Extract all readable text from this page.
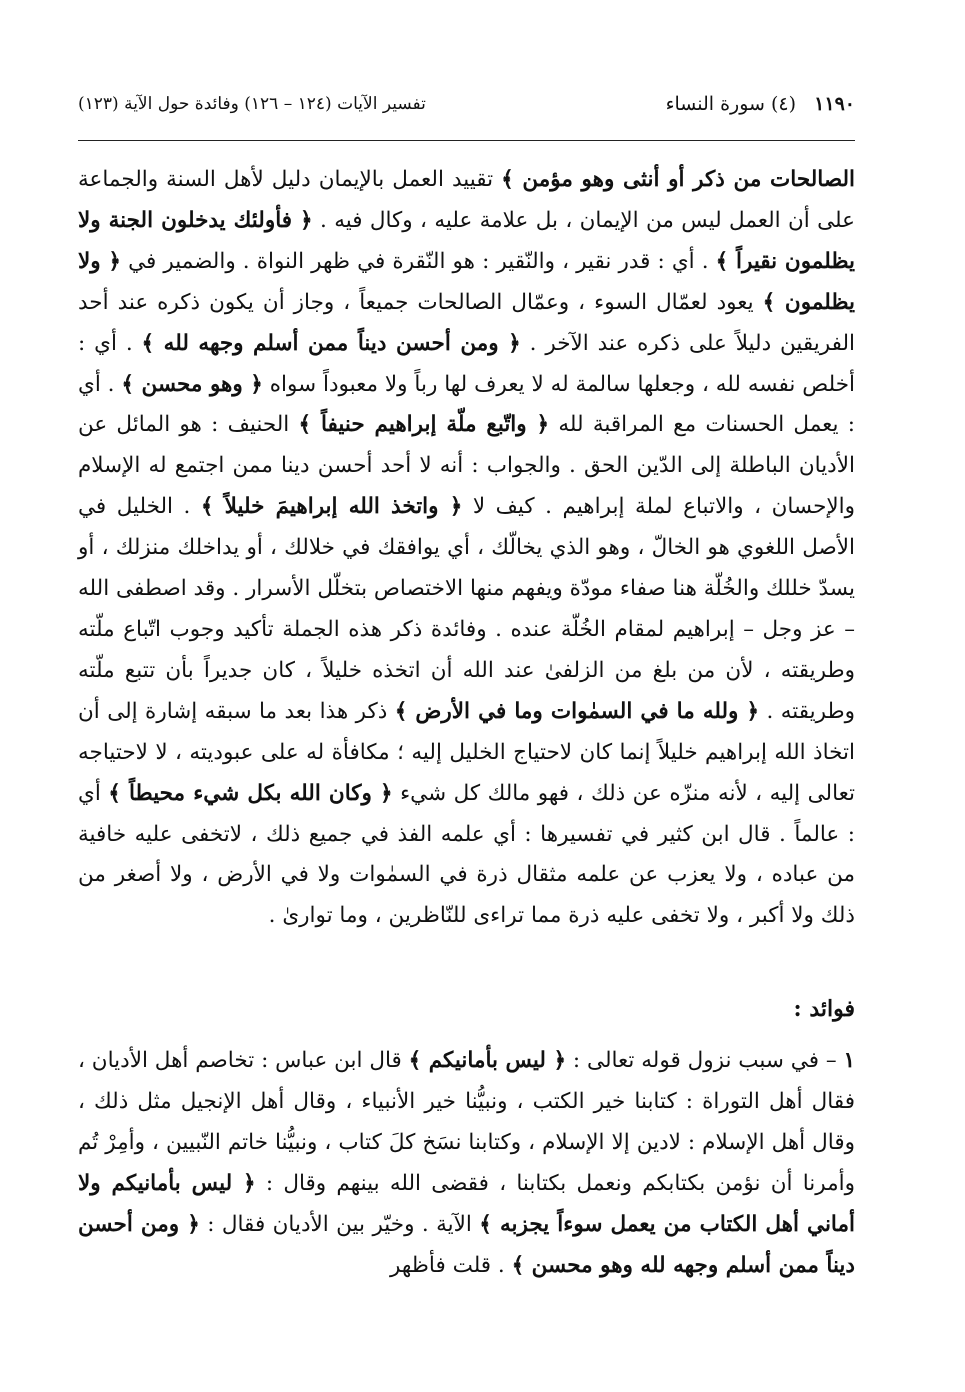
١١٩٠   (٤) سورة النساء
تفسير الآيات (١٢٤ – ١٢٦) وفائدة حول الآية (١٢٣)

الصالحات من ذكر أو أنثى وهو مؤمن ﴾ تقييد العمل بالإيمان دليل لأهل السنة والجماعة على أن العمل ليس من الإيمان ، بل علامة عليه ، وكال فيه . ﴿ فأولئك يدخلون الجنة ولا يظلمون نقيراً ﴾ . أي : قدر نقير ، والنّقير : هو النّقرة في ظهر النواة . والضمير في ﴿ ولا يظلمون ﴾ يعود لعمّال السوء ، وعمّال الصالحات جميعاً ، وجاز أن يكون ذكره عند أحد الفريقين دليلاً على ذكره عند الآخر . ﴿ ومن أحسن ديناً ممن أسلم وجهه لله ﴾ . أي : أخلص نفسه لله ، وجعلها سالمة له لا يعرف لها رباً ولا معبوداً سواه ﴿ وهو محسن ﴾ . أي : يعمل الحسنات مع المراقبة لله ﴿ واتّبع ملّة إبراهيم حنيفاً ﴾ الحنيف : هو المائل عن الأديان الباطلة إلى الدّين الحق . والجواب : أنه لا أحد أحسن دينا ممن اجتمع له الإسلام والإحسان ، والاتباع لملة إبراهيم . كيف لا ﴿ واتخذ الله إبراهيمَ خليلاً ﴾ . الخليل في الأصل اللغوي هو الخالّ ، وهو الذي يخالّك ، أي يوافقك في خلالك ، أو يداخلك منزلك ، أو يسدّ خللك والخُلّة هنا صفاء مودّة ويفهم منها الاختصاص بتخلّل الأسرار . وقد اصطفى الله – عز وجل – إبراهيم لمقام الخُلّة عنده . وفائدة ذكر هذه الجملة تأكيد وجوب اتّباع ملّته وطريقته ، لأن من بلغ من الزلفىٰ عند الله أن اتخذه خليلاً ، كان جديراً بأن تتبع ملّته وطريقته . ﴿ ولله ما في السمٰوات وما في الأرض ﴾ ذكر هذا بعد ما سبقه إشارة إلى أن اتخاذ الله إبراهيم خليلاً إنما كان لاحتياج الخليل إليه ؛ مكافأة له على عبوديته ، لا لاحتياجه تعالى إليه ، لأنه منزّه عن ذلك ، فهو مالك كل شيء ﴿ وكان الله بكل شيء محيطاً ﴾ أي : عالماً . قال ابن كثير في تفسيرها : أي علمه الفذ في جميع ذلك ، لاتخفى عليه خافية من عباده ، ولا يعزب عن علمه مثقال ذرة في السمٰوات ولا في الأرض ، ولا أصغر من ذلك ولا أكبر ، ولا تخفى عليه ذرة مما تراءى للنّاظرين ، وما توارىٰ .

فوائد :

١ – في سبب نزول قوله تعالى : ﴿ ليس بأمانيكم ﴾ قال ابن عباس : تخاصم أهل الأديان ، فقال أهل التوراة : كتابنا خير الكتب ، ونبيُّنا خير الأنبياء ، وقال أهل الإنجيل مثل ذلك ، وقال أهل الإسلام : لادين إلا الإسلام ، وكتابنا نسَخ كلَ كتاب ، ونبيُّنا خاتم النّبيين ، وأمِرْ تُم وأمرنا أن نؤمن بكتابكم ونعمل بكتابنا ، فقضى الله بينهم وقال : ﴿ ليس بأمانيكم ولا أماني أهل الكتاب من يعمل سوءاً يجزبه ﴾ الآية . وخيّر بين الأديان فقال : ﴿ ومن أحسن ديناً ممن أسلم وجهه لله وهو محسن ﴾ . قلت فأظهر
